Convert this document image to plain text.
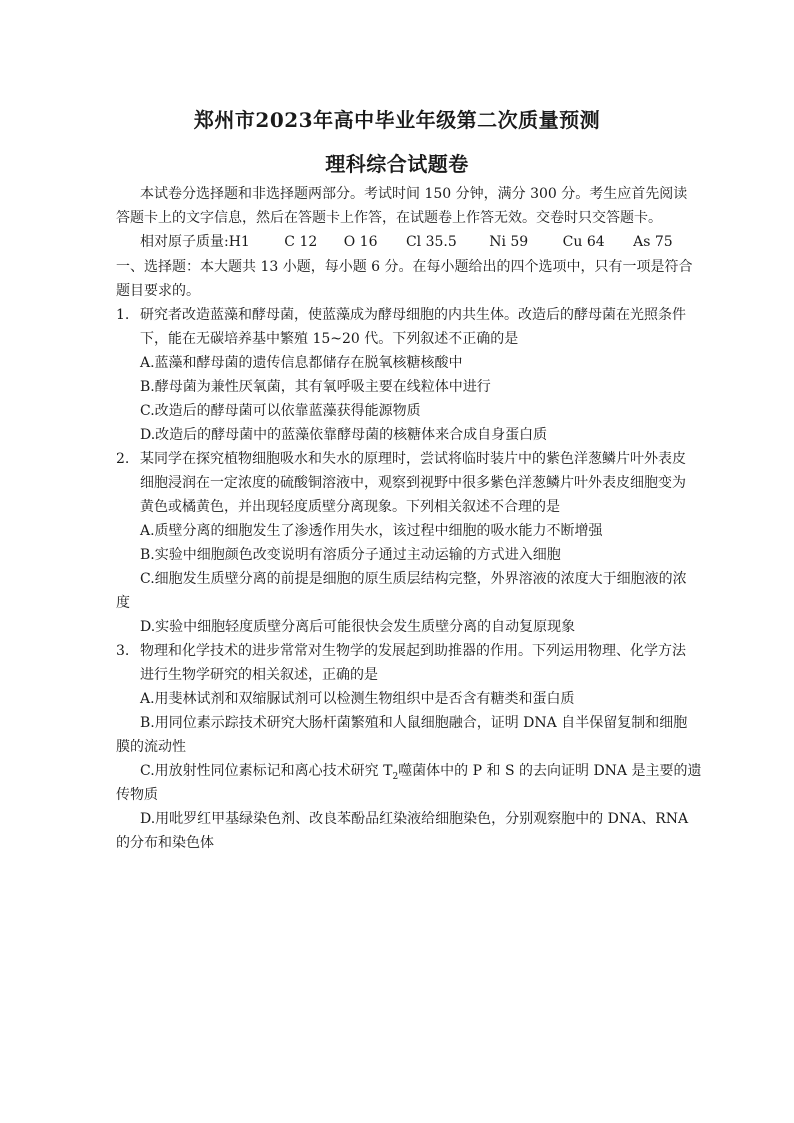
郑州市2023年高中毕业年级第二次质量预测
理科综合试题卷
本试卷分选择题和非选择题两部分。考试时间 150 分钟，满分 300 分。考生应首先阅读
答题卡上的文字信息，然后在答题卡上作答，在试题卷上作答无效。交卷时只交答题卡。
相对原子质量:H1 C 12 O 16 Cl 35.5 Ni 59 Cu 64 As 75
一、选择题：本大题共 13 小题，每小题 6 分。在每小题给出的四个选项中，只有一项是符合
题目要求的。
1. 研究者改造蓝藻和酵母菌，使蓝藻成为酵母细胞的内共生体。改造后的酵母菌在光照条件
下，能在无碳培养基中繁殖 15~20 代。下列叙述不正确的是
A.蓝藻和酵母菌的遗传信息都储存在脱氧核糖核酸中
B.酵母菌为兼性厌氧菌，其有氧呼吸主要在线粒体中进行
C.改造后的酵母菌可以依靠蓝藻获得能源物质
D.改造后的酵母菌中的蓝藻依靠酵母菌的核糖体来合成自身蛋白质
2. 某同学在探究植物细胞吸水和失水的原理时，尝试将临时装片中的紫色洋葱鳞片叶外表皮
细胞浸润在一定浓度的硫酸铜溶液中，观察到视野中很多紫色洋葱鳞片叶外表皮细胞变为
黄色或橘黄色，并出现轻度质壁分离现象。下列相关叙述不合理的是
A.质壁分离的细胞发生了渗透作用失水，该过程中细胞的吸水能力不断增强
B.实验中细胞颜色改变说明有溶质分子通过主动运输的方式进入细胞
C.细胞发生质壁分离的前提是细胞的原生质层结构完整，外界溶液的浓度大于细胞液的浓
度
D.实验中细胞轻度质壁分离后可能很快会发生质壁分离的自动复原现象
3. 物理和化学技术的进步常常对生物学的发展起到助推器的作用。下列运用物理、化学方法
进行生物学研究的相关叙述，正确的是
A.用斐林试剂和双缩脲试剂可以检测生物组织中是否含有糖类和蛋白质
B.用同位素示踪技术研究大肠杆菌繁殖和人鼠细胞融合，证明 DNA 自半保留复制和细胞
膜的流动性
C.用放射性同位素标记和离心技术研究 $T_2$噬菌体中的 P 和 S 的去向证明 DNA 是主要的遗
传物质
D.用吡罗红甲基绿染色剂、改良苯酚品红染液给细胞染色，分别观察胞中的 DNA、RNA
的分布和染色体
